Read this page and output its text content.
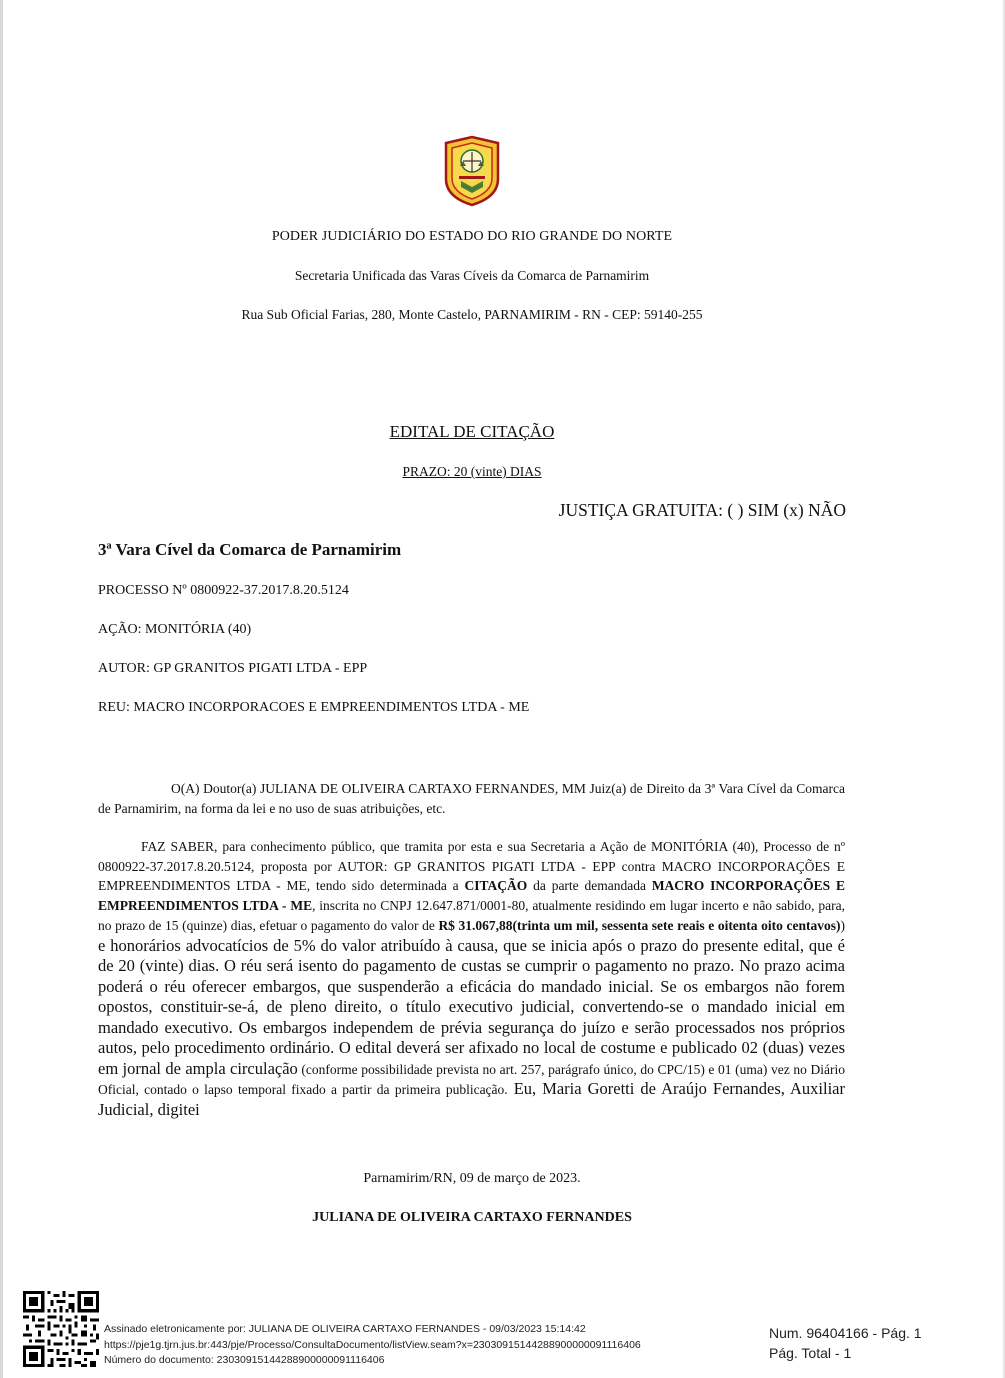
PODER JUDICIÁRIO DO ESTADO DO RIO GRANDE DO NORTE
Secretaria Unificada das Varas Cíveis da Comarca de Parnamirim
Rua Sub Oficial Farias, 280, Monte Castelo, PARNAMIRIM - RN - CEP: 59140-255
EDITAL DE CITAÇÃO
PRAZO: 20 (vinte) DIAS
JUSTIÇA GRATUITA: ( ) SIM (x) NÃO
3ª Vara Cível da Comarca de Parnamirim
PROCESSO Nº 0800922-37.2017.8.20.5124
AÇÃO: MONITÓRIA (40)
AUTOR: GP GRANITOS PIGATI LTDA - EPP
REU: MACRO INCORPORACOES E EMPREENDIMENTOS LTDA - ME
O(A) Doutor(a) JULIANA DE OLIVEIRA CARTAXO FERNANDES, MM Juiz(a) de Direito da 3ª Vara Cível da Comarca de Parnamirim, na forma da lei e no uso de suas atribuições, etc.
FAZ SABER, para conhecimento público, que tramita por esta e sua Secretaria a Ação de MONITÓRIA (40), Processo de nº 0800922-37.2017.8.20.5124, proposta por AUTOR: GP GRANITOS PIGATI LTDA - EPP contra MACRO INCORPORAÇÕES E EMPREENDIMENTOS LTDA - ME, tendo sido determinada a CITAÇÃO da parte demandada MACRO INCORPORAÇÕES E EMPREENDIMENTOS LTDA - ME, inscrita no CNPJ 12.647.871/0001-80, atualmente residindo em lugar incerto e não sabido, para, no prazo de 15 (quinze) dias, efetuar o pagamento do valor de R$ 31.067,88(trinta um mil, sessenta sete reais e oitenta oito centavos)) e honorários advocatícios de 5% do valor atribuído à causa, que se inicia após o prazo do presente edital, que é de 20 (vinte) dias. O réu será isento do pagamento de custas se cumprir o pagamento no prazo. No prazo acima poderá o réu oferecer embargos, que suspenderão a eficácia do mandado inicial. Se os embargos não forem opostos, constituir-se-á, de pleno direito, o título executivo judicial, convertendo-se o mandado inicial em mandado executivo. Os embargos independem de prévia segurança do juízo e serão processados nos próprios autos, pelo procedimento ordinário. O edital deverá ser afixado no local de costume e publicado 02 (duas) vezes em jornal de ampla circulação (conforme possibilidade prevista no art. 257, parágrafo único, do CPC/15) e 01 (uma) vez no Diário Oficial, contado o lapso temporal fixado a partir da primeira publicação. Eu, Maria Goretti de Araújo Fernandes, Auxiliar Judicial, digitei
Parnamirim/RN, 09 de março de 2023.
JULIANA DE OLIVEIRA CARTAXO FERNANDES
Assinado eletronicamente por: JULIANA DE OLIVEIRA CARTAXO FERNANDES - 09/03/2023 15:14:42
https://pje1g.tjrn.jus.br:443/pje/Processo/ConsultaDocumento/listView.seam?x=23030915144288900000091116406
Número do documento: 23030915144288900000091116406
Num. 96404166 - Pág. 1
Pág. Total - 1
